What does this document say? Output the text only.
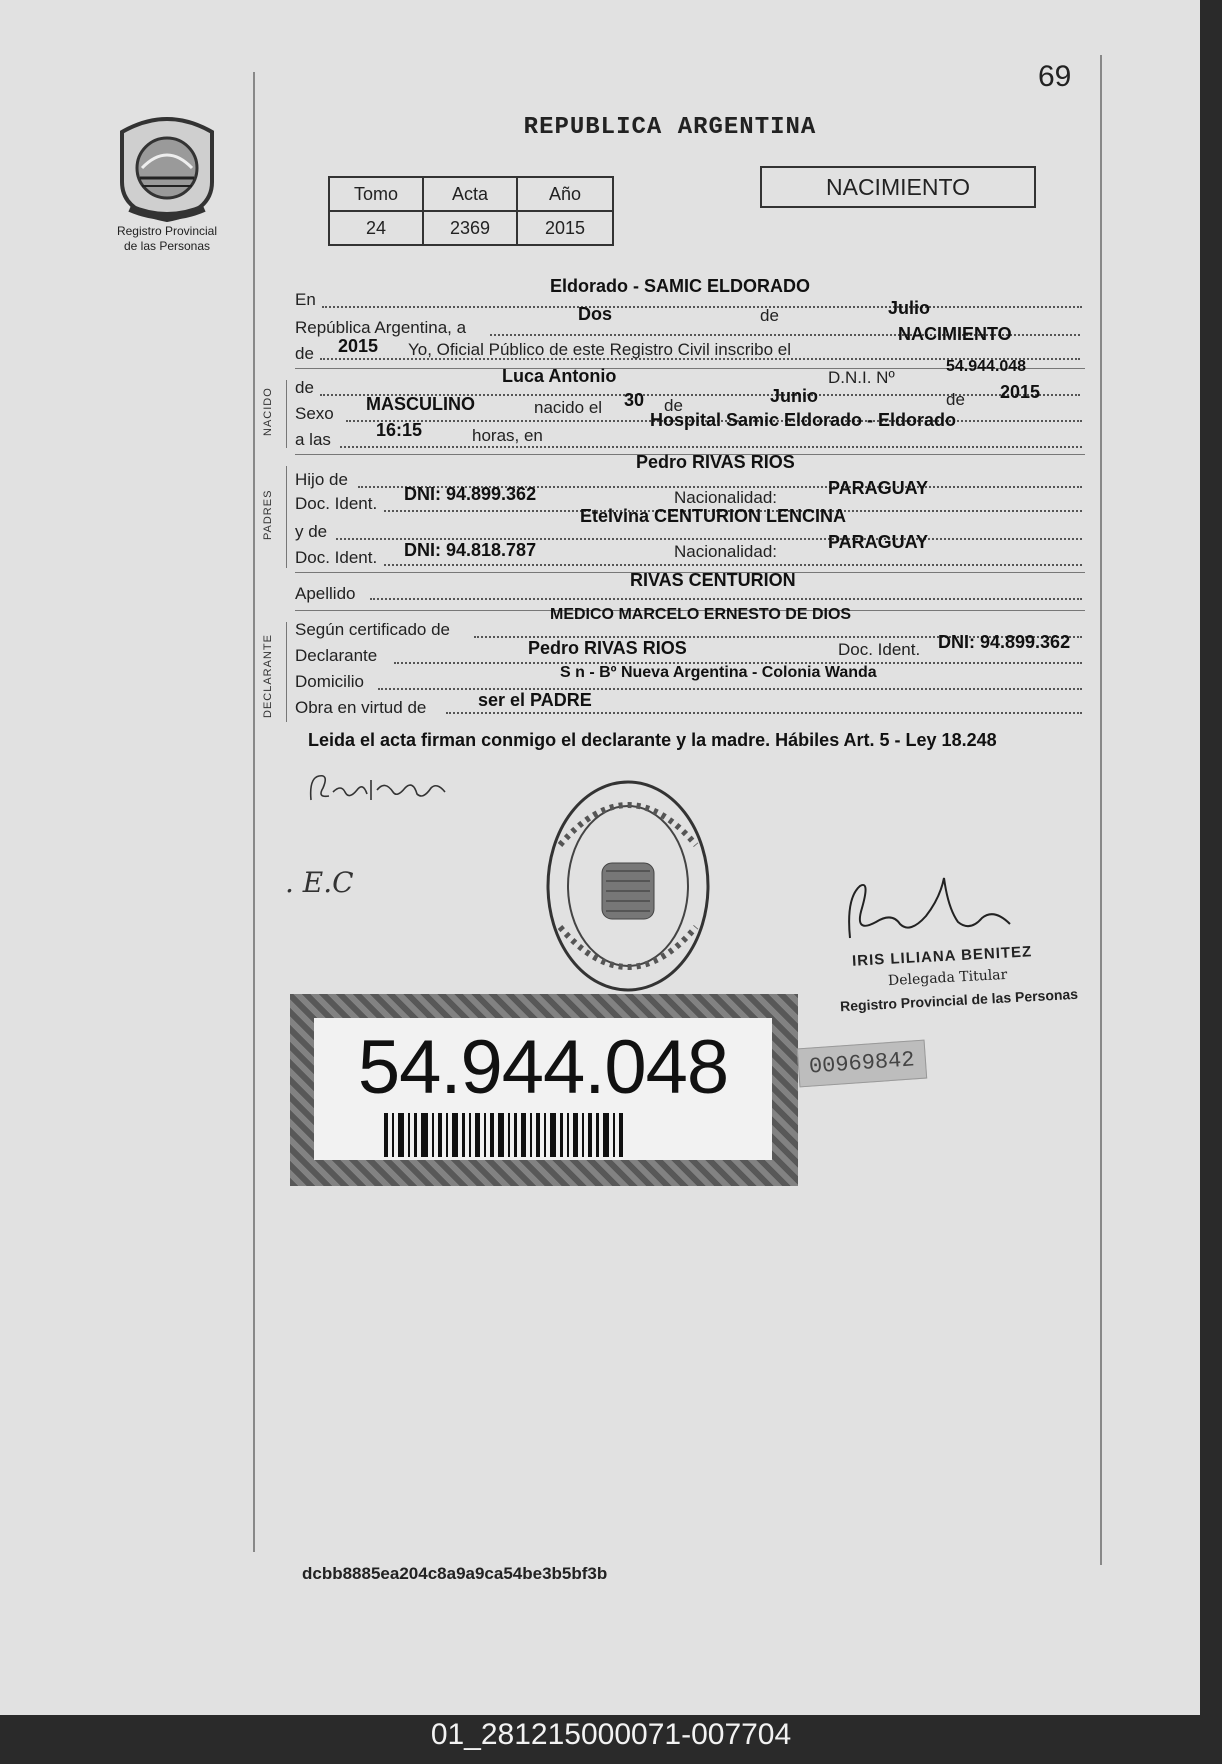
69
Registro Provincial
de las Personas
REPUBLICA ARGENTINA
Tomo	Acta	Año
24	2369	2015
NACIMIENTO
En
Eldorado - SAMIC ELDORADO
República Argentina, a
Dos	de	Julio
de 2015 Yo, Oficial Público de este Registro Civil inscribo el
NACIMIENTO
NACIDO de
Luca Antonio	D.N.I. Nº
54.944.048
Sexo MASCULINO	nacido el 30 de	Junio	de 2015
a las	16:15	horas, en
Hospital Samic Eldorado - Eldorado
PADRES
Hijo de
Pedro RIVAS RIOS
Doc. Ident. DNI: 94.899.362	Nacionalidad:	PARAGUAY
y de
Etelvina CENTURION LENCINA
Doc. Ident. DNI: 94.818.787	Nacionalidad:	PARAGUAY
Apellido
RIVAS CENTURION
DECLARANTE
Según certificado de
MEDICO MARCELO ERNESTO DE DIOS
Declarante	Pedro RIVAS RIOS	Doc. Ident. DNI: 94.899.362
Domicilio	S n - Bº Nueva Argentina - Colonia Wanda
Obra en virtud de	ser el PADRE
Leida el acta firman conmigo el declarante y la madre. Hábiles Art. 5 - Ley 18.248
. E.C
IRIS LILIANA BENITEZ
Delegada Titular
Registro Provincial de las Personas
54.944.048	00969842
dcbb8885ea204c8a9a9ca54be3b5bf3b
01_281215000071-007704
